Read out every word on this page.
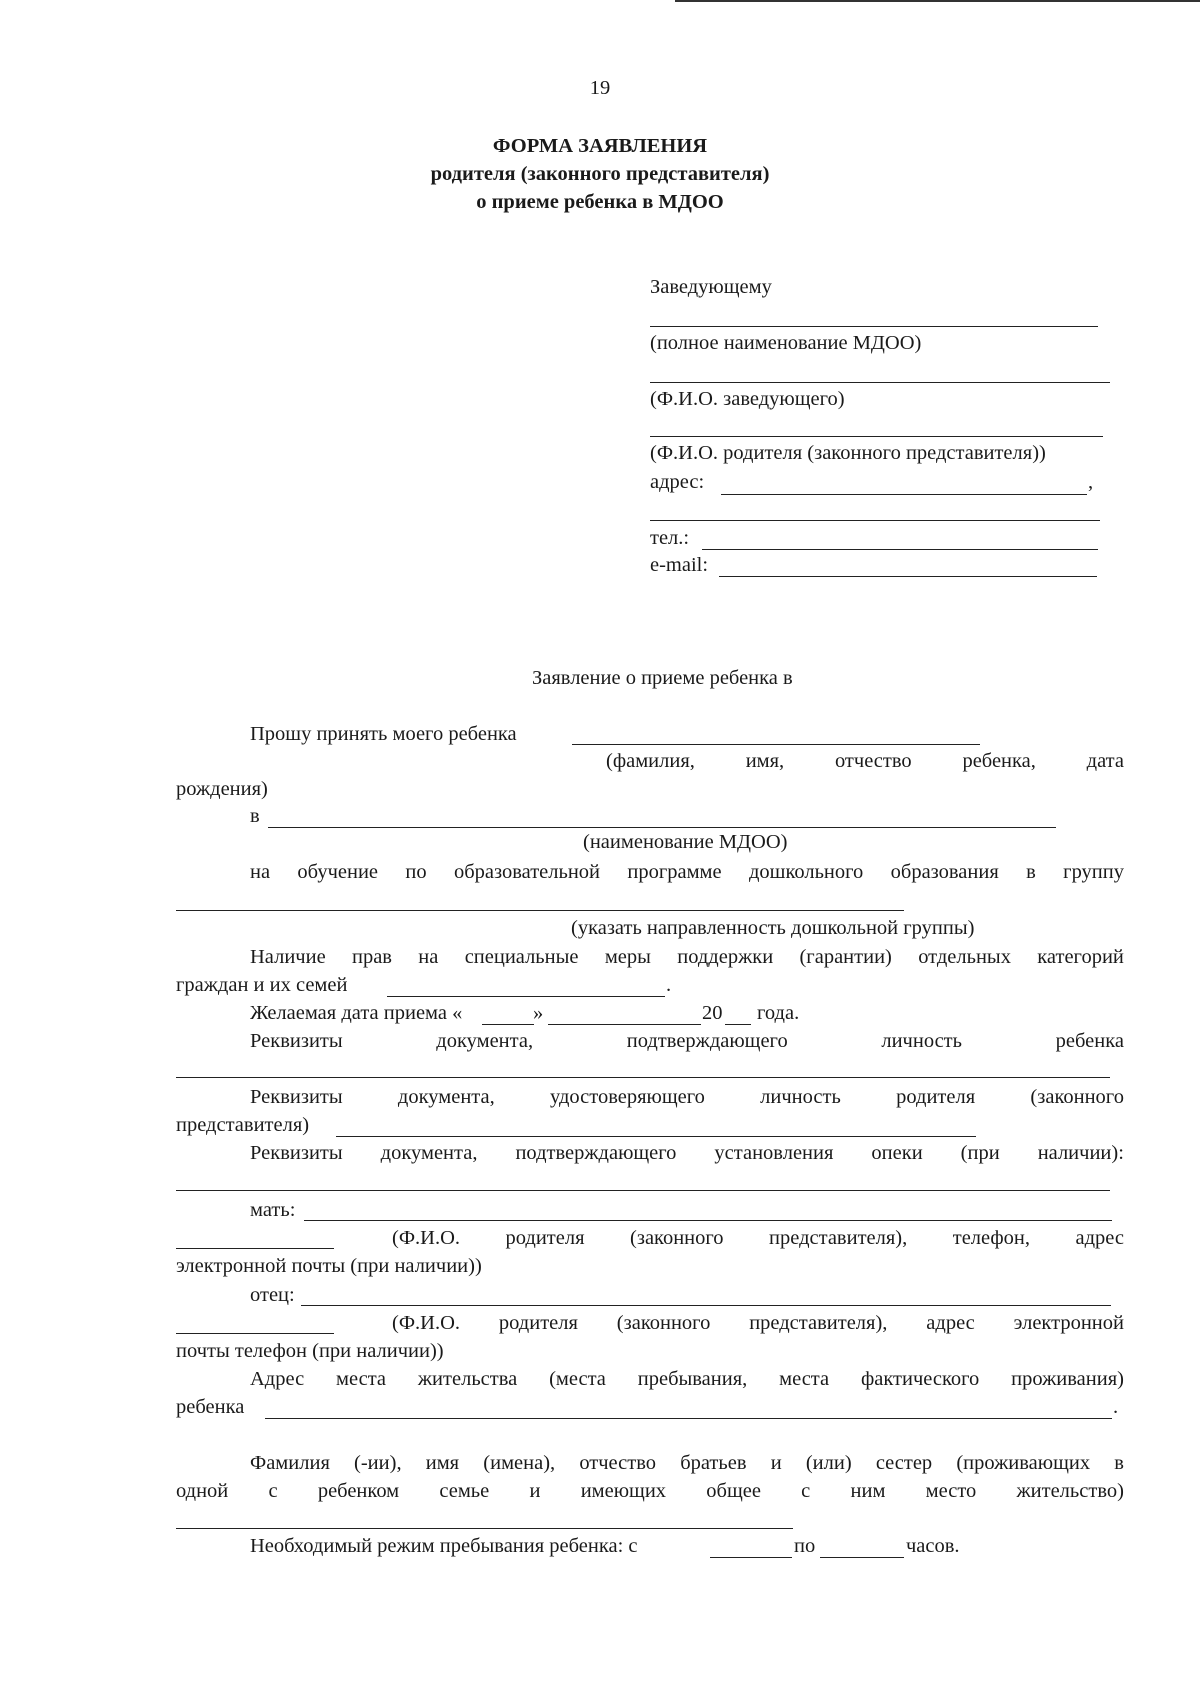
19
ФОРМА ЗАЯВЛЕНИЯ
родителя (законного представителя)
о приеме ребенка в МДОО
Заведующему
(полное наименование МДОО)
(Ф.И.О. заведующего)
(Ф.И.О. родителя (законного представителя))
адрес:	,
тел.:
e-mail:
Заявление о приеме ребенка в
Прошу принять моего ребенка
(фамилия, имя, отчество ребенка, дата
рождения)
в
(наименование МДОО)
на обучение по образовательной программе дошкольного образования в группу
(указать направленность дошкольной группы)
Наличие прав на специальные меры поддержки (гарантии) отдельных категорий
граждан и их семей	.
Желаемая дата приема «	»	20 года.
Реквизиты	документа,	подтверждающего	личность	ребенка
Реквизиты	документа,	удостоверяющего	личность	родителя	(законного
представителя)
Реквизиты документа, подтверждающего установления опеки (при наличии):
мать:
(Ф.И.О. родителя (законного представителя), телефон, адрес
электронной почты (при наличии))
отец:
(Ф.И.О. родителя (законного представителя), адрес электронной
почты телефон (при наличии))
Адрес места жительства (места пребывания, места фактического проживания)
ребенка	.
Фамилия (-ии), имя (имена), отчество братьев и (или) сестер (проживающих в
одной с ребенком семье и имеющих общее с ним место жительство)
Необходимый режим пребывания ребенка: с	по	часов.
